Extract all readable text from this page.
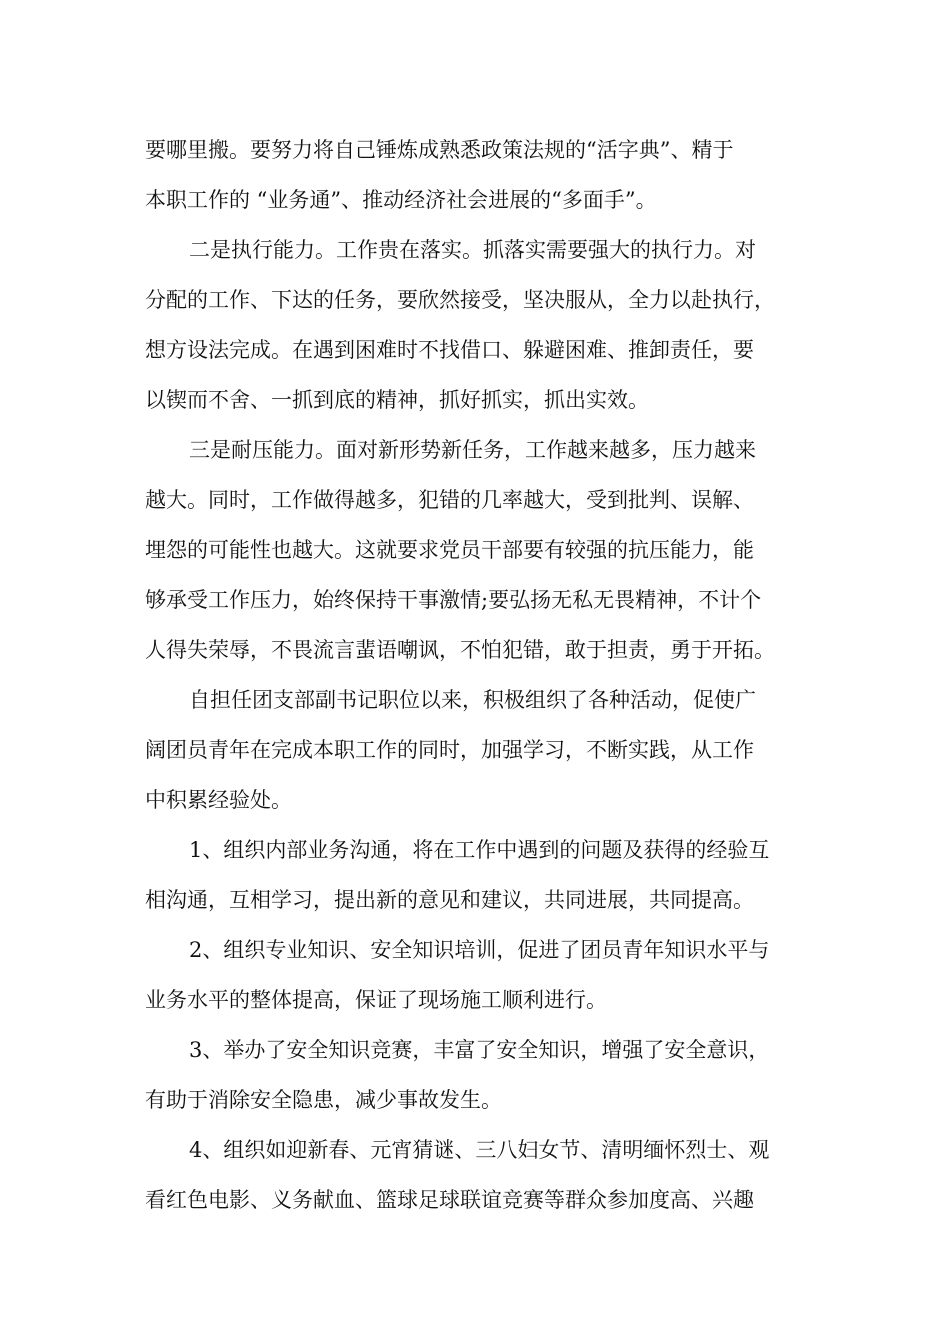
要哪里搬。要努力将自己锤炼成熟悉政策法规的“活字典”、精于
本职工作的 “业务通”、推动经济社会进展的“多面手”。
二是执行能力。工作贵在落实。抓落实需要强大的执行力。对
分配的工作、下达的任务，要欣然接受，坚决服从，全力以赴执行，
想方设法完成。在遇到困难时不找借口、躲避困难、推卸责任，要
以锲而不舍、一抓到底的精神，抓好抓实，抓出实效。
三是耐压能力。面对新形势新任务，工作越来越多，压力越来
越大。同时，工作做得越多，犯错的几率越大，受到批判、误解、
埋怨的可能性也越大。这就要求党员干部要有较强的抗压能力，能
够承受工作压力，始终保持干事激情;要弘扬无私无畏精神，不计个
人得失荣辱，不畏流言蜚语嘲讽，不怕犯错，敢于担责，勇于开拓。
自担任团支部副书记职位以来，积极组织了各种活动，促使广
阔团员青年在完成本职工作的同时，加强学习，不断实践，从工作
中积累经验处。
1、组织内部业务沟通，将在工作中遇到的问题及获得的经验互
相沟通，互相学习，提出新的意见和建议，共同进展，共同提高。
2、组织专业知识、安全知识培训，促进了团员青年知识水平与
业务水平的整体提高，保证了现场施工顺利进行。
3、举办了安全知识竞赛，丰富了安全知识，增强了安全意识，
有助于消除安全隐患，减少事故发生。
4、组织如迎新春、元宵猜谜、三八妇女节、清明缅怀烈士、观
看红色电影、义务献血、篮球足球联谊竞赛等群众参加度高、兴趣
